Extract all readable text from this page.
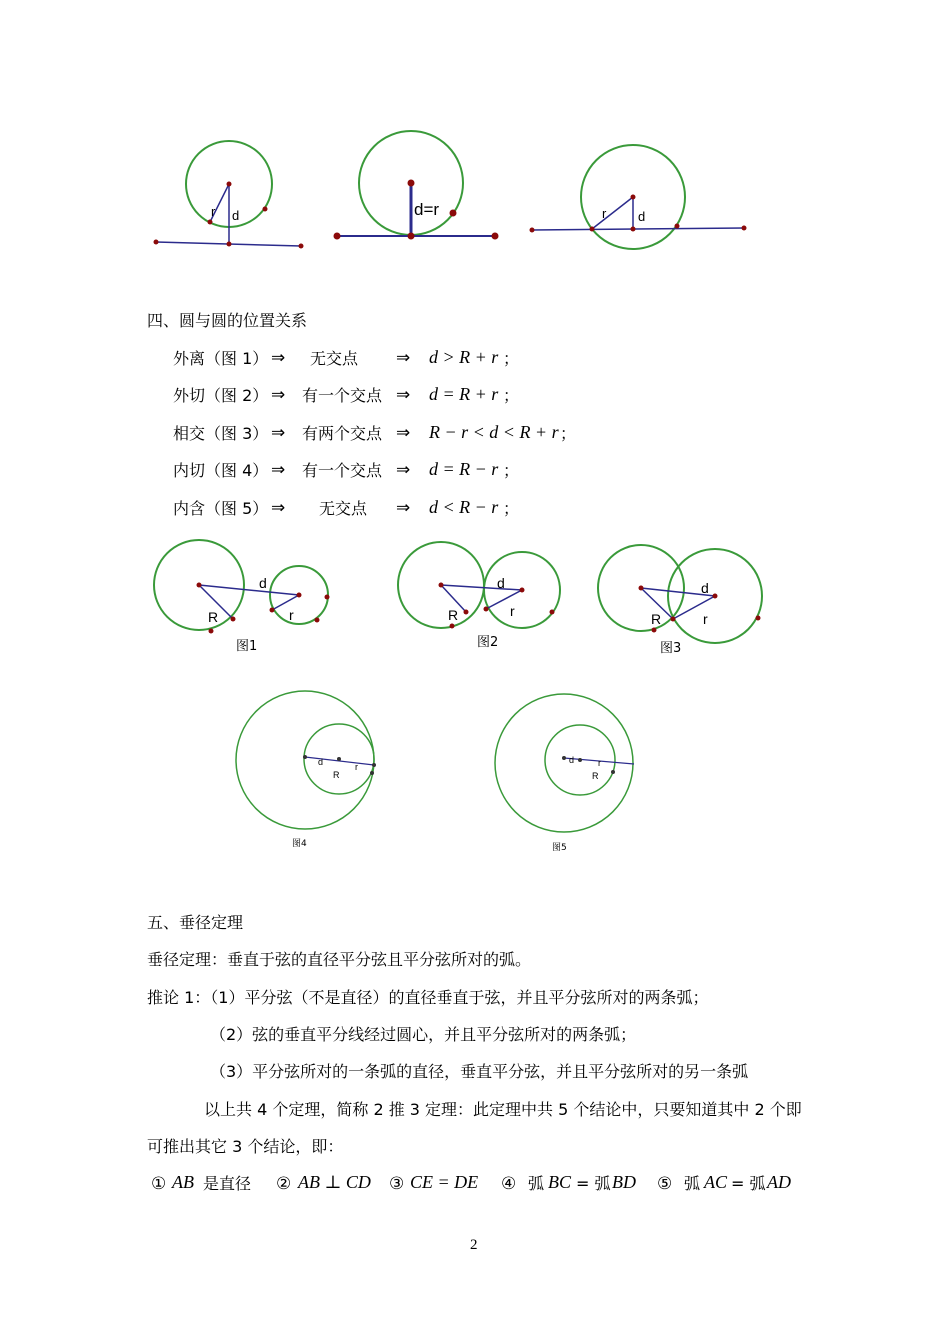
r d	d=r	r d
d
R	r
图1
d
R	r
图2
d
R	r
图3
d	r
R
图4
d	r
R
图5
四、圆与圆的位置关系
外离（图 1） ⇒ 无交点 ⇒ d > R + r ；
外切（图 2） ⇒ 有一个交点 ⇒ d = R + r ；
相交（图 3） ⇒ 有两个交点 ⇒ R − r < d < R + r ；
内切（图 4） ⇒ 有一个交点 ⇒ d = R − r ；
内含（图 5） ⇒ 无交点 ⇒ d < R − r ；
五、垂径定理
垂径定理：垂直于弦的直径平分弦且平分弦所对的弧。
推论 1：（1）平分弦（不是直径）的直径垂直于弦，并且平分弦所对的两条弧；
（2）弦的垂直平分线经过圆心，并且平分弦所对的两条弧；
（3）平分弦所对的一条弧的直径，垂直平分弦，并且平分弦所对的另一条弧
以上共 4 个定理，简称 2 推 3 定理：此定理中共 5 个结论中，只要知道其中 2 个即
可推出其它 3 个结论，即：
① AB 是直径 ② AB ⊥ CD ③ CE = DE ④ 弧 BC = 弧 BD ⑤ 弧 AC = 弧 AD
2
